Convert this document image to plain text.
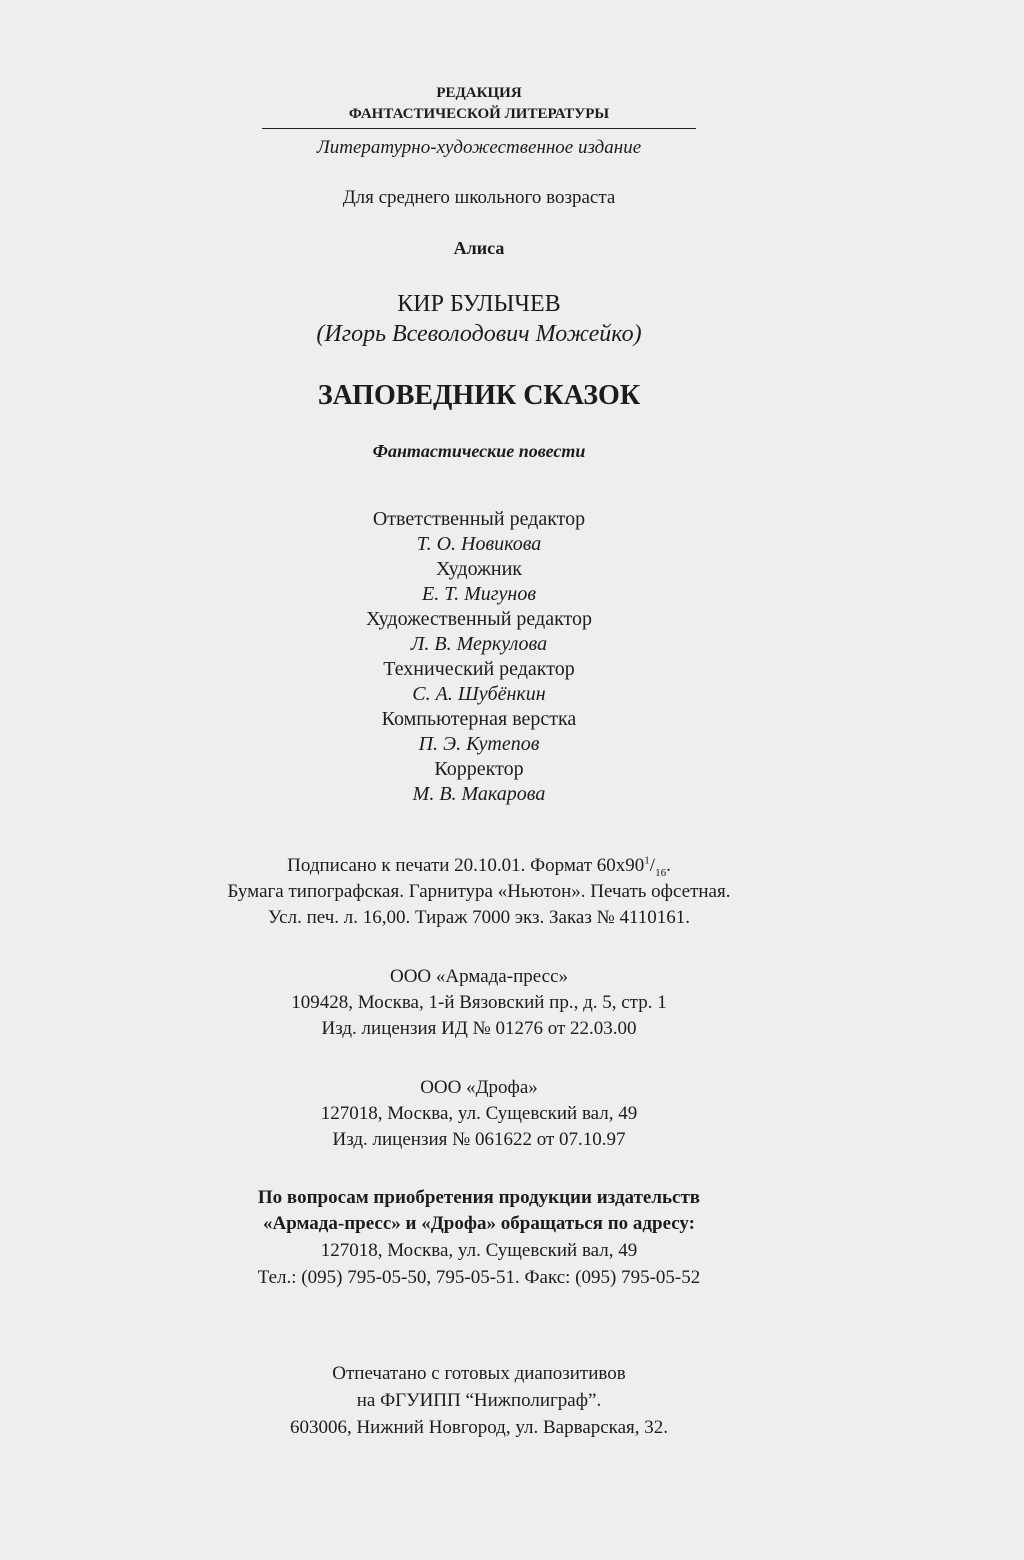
РЕДАКЦИЯ
ФАНТАСТИЧЕСКОЙ ЛИТЕРАТУРЫ
Литературно-художественное издание
Для среднего школьного возраста
Алиса
КИР БУЛЫЧЕВ
(Игорь Всеволодович Можейко)
ЗАПОВЕДНИК СКАЗОК
Фантастические повести
Ответственный редактор
Т. О. Новикова
Художник
Е. Т. Мигунов
Художественный редактор
Л. В. Меркулова
Технический редактор
С. А. Шубёнкин
Компьютерная верстка
П. Э. Кутепов
Корректор
М. В. Макарова
Подписано к печати 20.10.01. Формат $60x90^1/_{16}$.
Бумага типографская. Гарнитура «Ньютон». Печать офсетная.
Усл. печ. л. 16,00. Тираж 7000 экз. Заказ № 4110161.
ООО «Армада-пресс»
109428, Москва, 1-й Вязовский пр., д. 5, стр. 1
Изд. лицензия ИД № 01276 от 22.03.00
ООО «Дрофа»
127018, Москва, ул. Сущевский вал, 49
Изд. лицензия № 061622 от 07.10.97
По вопросам приобретения продукции издательств
«Армада-пресс» и «Дрофа» обращаться по адресу:
127018, Москва, ул. Сущевский вал, 49
Тел.: (095) 795-05-50, 795-05-51. Факс: (095) 795-05-52
Отпечатано с готовых диапозитивов
на ФГУИПП “Нижполиграф”.
603006, Нижний Новгород, ул. Варварская, 32.
